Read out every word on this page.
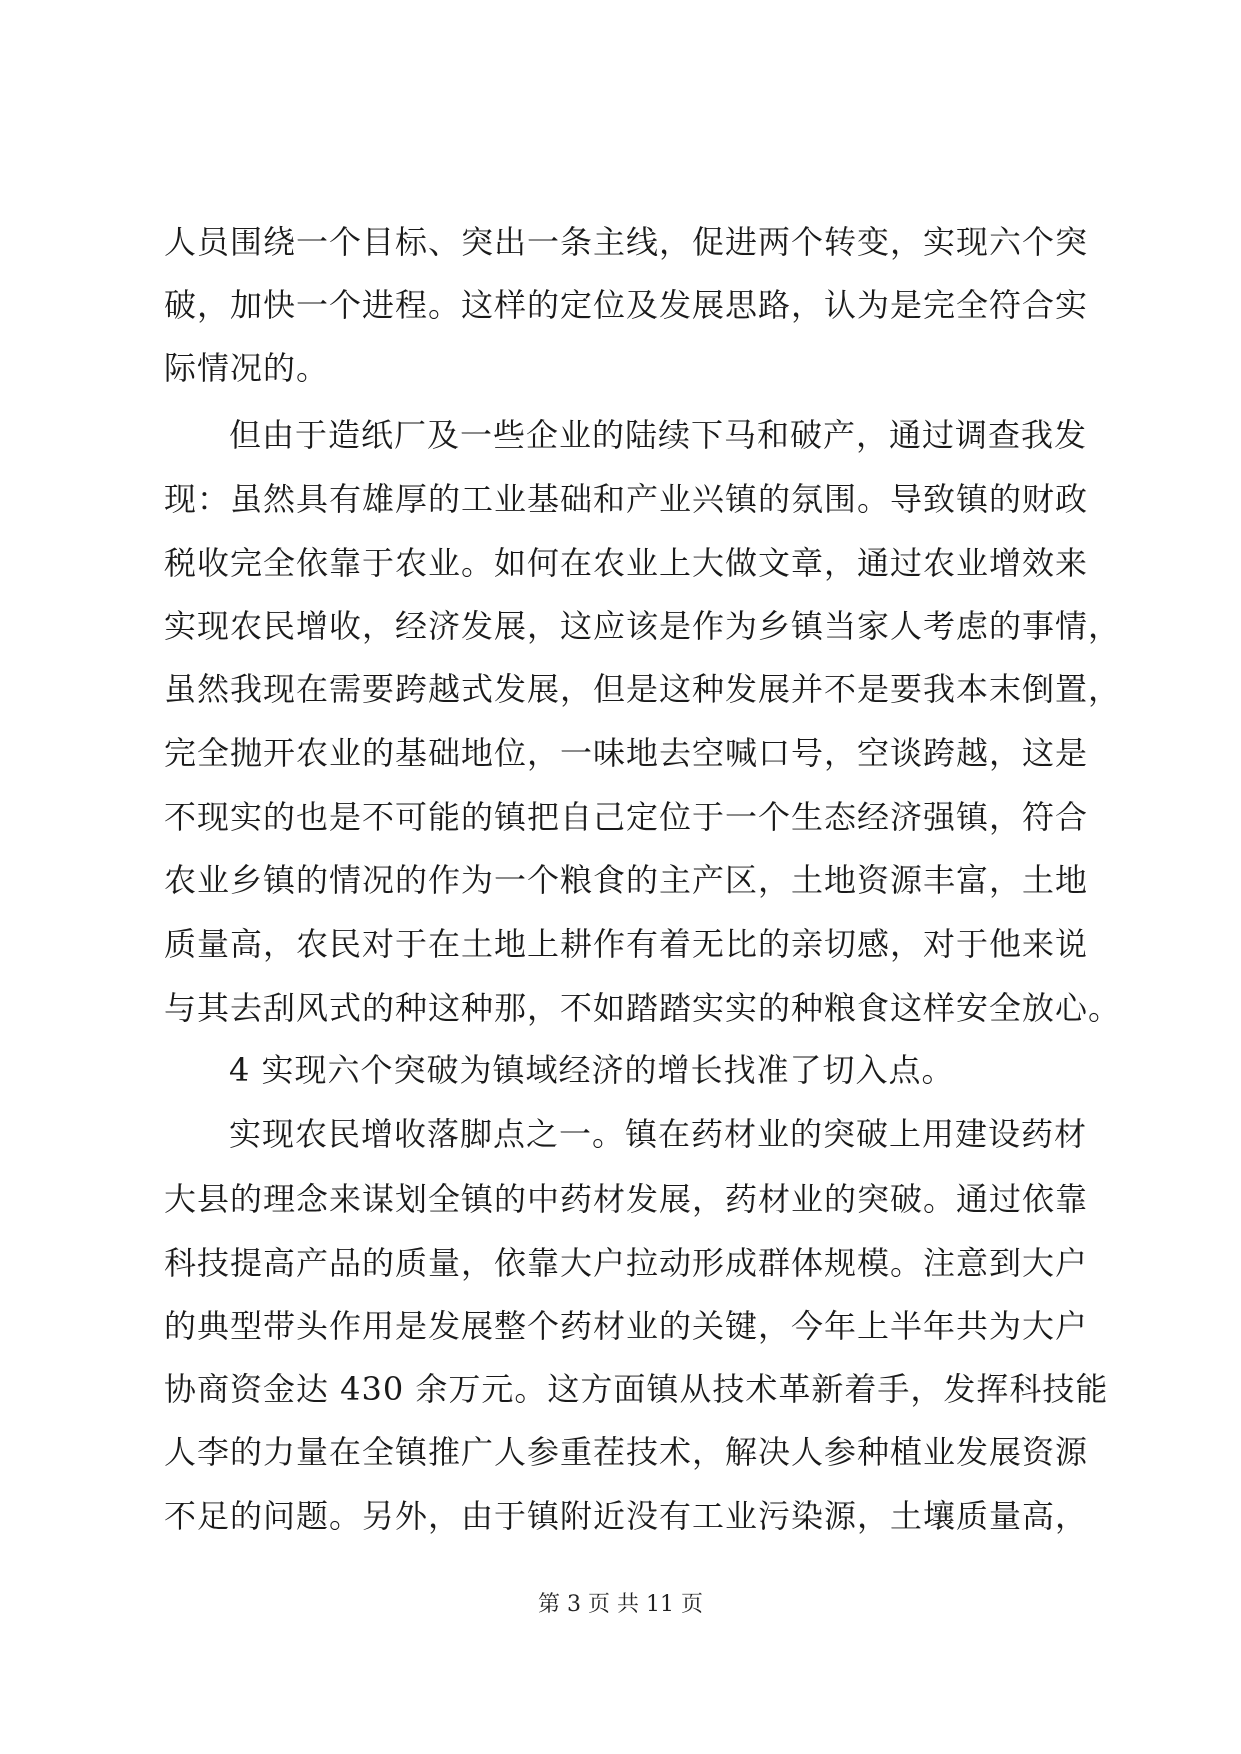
人员围绕一个目标、突出一条主线，促进两个转变，实现六个突
破，加快一个进程。这样的定位及发展思路，认为是完全符合实
际情况的。
但由于造纸厂及一些企业的陆续下马和破产，通过调查我发
现：虽然具有雄厚的工业基础和产业兴镇的氛围。导致镇的财政
税收完全依靠于农业。如何在农业上大做文章，通过农业增效来
实现农民增收，经济发展，这应该是作为乡镇当家人考虑的事情，
虽然我现在需要跨越式发展，但是这种发展并不是要我本末倒置，
完全抛开农业的基础地位，一味地去空喊口号，空谈跨越，这是
不现实的也是不可能的镇把自己定位于一个生态经济强镇，符合
农业乡镇的情况的作为一个粮食的主产区，土地资源丰富，土地
质量高，农民对于在土地上耕作有着无比的亲切感，对于他来说
与其去刮风式的种这种那，不如踏踏实实的种粮食这样安全放心。
4 实现六个突破为镇域经济的增长找准了切入点。
实现农民增收落脚点之一。镇在药材业的突破上用建设药材
大县的理念来谋划全镇的中药材发展，药材业的突破。通过依靠
科技提高产品的质量，依靠大户拉动形成群体规模。注意到大户
的典型带头作用是发展整个药材业的关键，今年上半年共为大户
协商资金达 430 余万元。这方面镇从技术革新着手，发挥科技能
人李的力量在全镇推广人参重茬技术，解决人参种植业发展资源
不足的问题。另外，由于镇附近没有工业污染源，土壤质量高，
第 3 页 共 11 页
